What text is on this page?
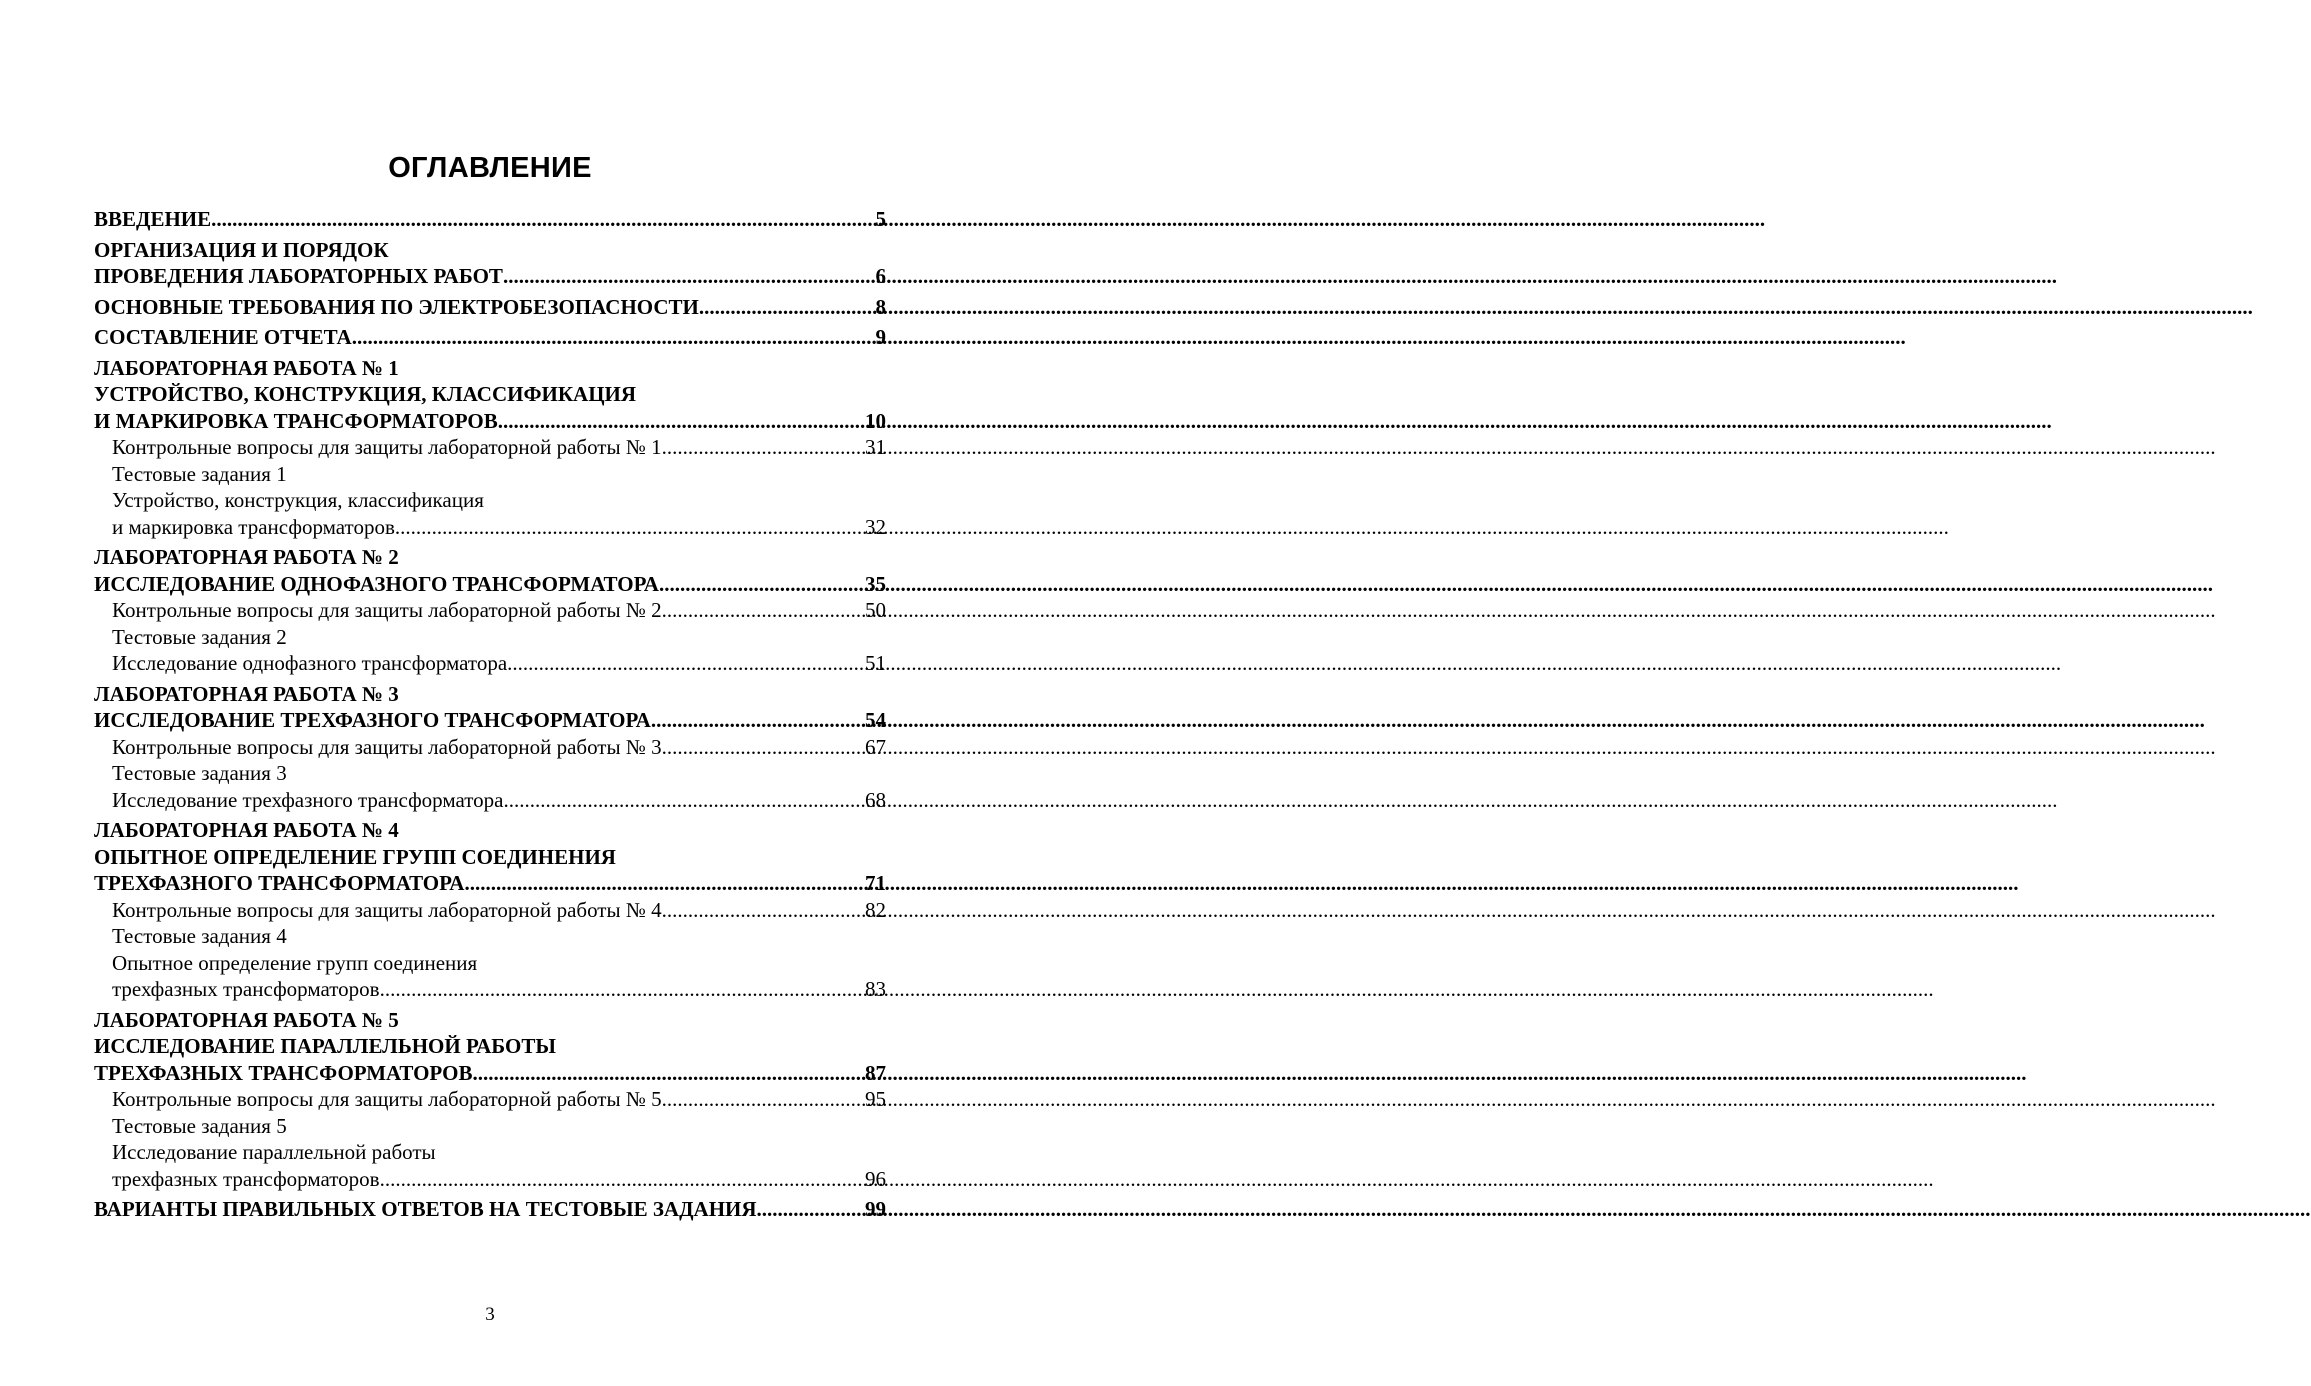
ОГЛАВЛЕНИЕ
ВВЕДЕНИЕ .....	5
ОРГАНИЗАЦИЯ И ПОРЯДОК
ПРОВЕДЕНИЯ ЛАБОРАТОРНЫХ РАБОТ .....	6
ОСНОВНЫЕ ТРЕБОВАНИЯ ПО ЭЛЕКТРОБЕЗОПАСНОСТИ .....	8
СОСТАВЛЕНИЕ ОТЧЕТА .....	9
ЛАБОРАТОРНАЯ РАБОТА № 1
УСТРОЙСТВО, КОНСТРУКЦИЯ, КЛАССИФИКАЦИЯ
И МАРКИРОВКА ТРАНСФОРМАТОРОВ .....	10
Контрольные вопросы для защиты лабораторной работы № 1 .....	31
Тестовые задания 1
Устройство, конструкция, классификация
и маркировка трансформаторов .....	32
ЛАБОРАТОРНАЯ РАБОТА № 2
ИССЛЕДОВАНИЕ ОДНОФАЗНОГО ТРАНСФОРМАТОРА .....	35
Контрольные вопросы для защиты лабораторной работы № 2 .....	50
Тестовые задания 2
Исследование однофазного трансформатора .....	51
ЛАБОРАТОРНАЯ РАБОТА № 3
ИССЛЕДОВАНИЕ ТРЕХФАЗНОГО ТРАНСФОРМАТОРА .....	54
Контрольные вопросы для защиты лабораторной работы № 3 .....	67
Тестовые задания 3
Исследование трехфазного трансформатора .....	68
ЛАБОРАТОРНАЯ РАБОТА № 4
ОПЫТНОЕ ОПРЕДЕЛЕНИЕ ГРУПП СОЕДИНЕНИЯ
ТРЕХФАЗНОГО ТРАНСФОРМАТОРА .....	71
Контрольные вопросы для защиты лабораторной работы № 4 .....	82
Тестовые задания 4
Опытное определение групп соединения
трехфазных трансформаторов .....	83
ЛАБОРАТОРНАЯ РАБОТА № 5
ИССЛЕДОВАНИЕ ПАРАЛЛЕЛЬНОЙ РАБОТЫ
ТРЕХФАЗНЫХ ТРАНСФОРМАТОРОВ .....	87
Контрольные вопросы для защиты лабораторной работы № 5 .....	95
Тестовые задания 5
Исследование параллельной работы
трехфазных трансформаторов .....	96
ВАРИАНТЫ ПРАВИЛЬНЫХ ОТВЕТОВ НА ТЕСТОВЫЕ ЗАДАНИЯ .....	99
3
